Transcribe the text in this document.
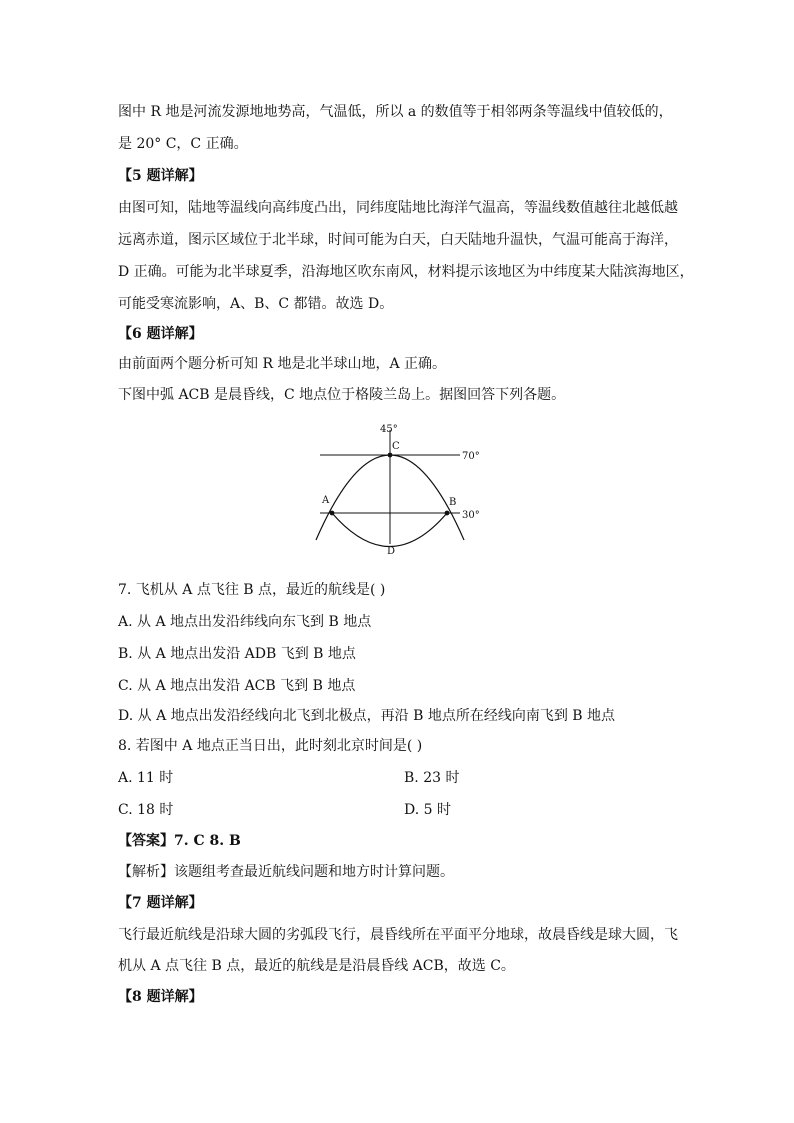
图中 R 地是河流发源地地势高，气温低，所以 a 的数值等于相邻两条等温线中值较低的，
是 20° C，C 正确。
【5 题详解】
由图可知，陆地等温线向高纬度凸出，同纬度陆地比海洋气温高，等温线数值越往北越低越
远离赤道，图示区域位于北半球，时间可能为白天，白天陆地升温快，气温可能高于海洋，
D 正确。可能为北半球夏季，沿海地区吹东南风，材料提示该地区为中纬度某大陆滨海地区，
可能受寒流影响，A、B、C 都错。故选 D。
【6 题详解】
由前面两个题分析可知 R 地是北半球山地，A 正确。
下图中弧 ACB 是晨昏线，C 地点位于格陵兰岛上。据图回答下列各题。
45°
C
70°
A	B
30°
D
7. 飞机从 A 点飞往 B 点，最近的航线是( )
A. 从 A 地点出发沿纬线向东飞到 B 地点
B. 从 A 地点出发沿 ADB 飞到 B 地点
C. 从 A 地点出发沿 ACB 飞到 B 地点
D. 从 A 地点出发沿经线向北飞到北极点，再沿 B 地点所在经线向南飞到 B 地点
8. 若图中 A 地点正当日出，此时刻北京时间是( )
A. 11 时	B. 23 时
C. 18 时	D. 5 时
【答案】7. C 8. B
【解析】该题组考查最近航线问题和地方时计算问题。
【7 题详解】
飞行最近航线是沿球大圆的劣弧段飞行，晨昏线所在平面平分地球，故晨昏线是球大圆，飞
机从 A 点飞往 B 点，最近的航线是是沿晨昏线 ACB，故选 C。
【8 题详解】
